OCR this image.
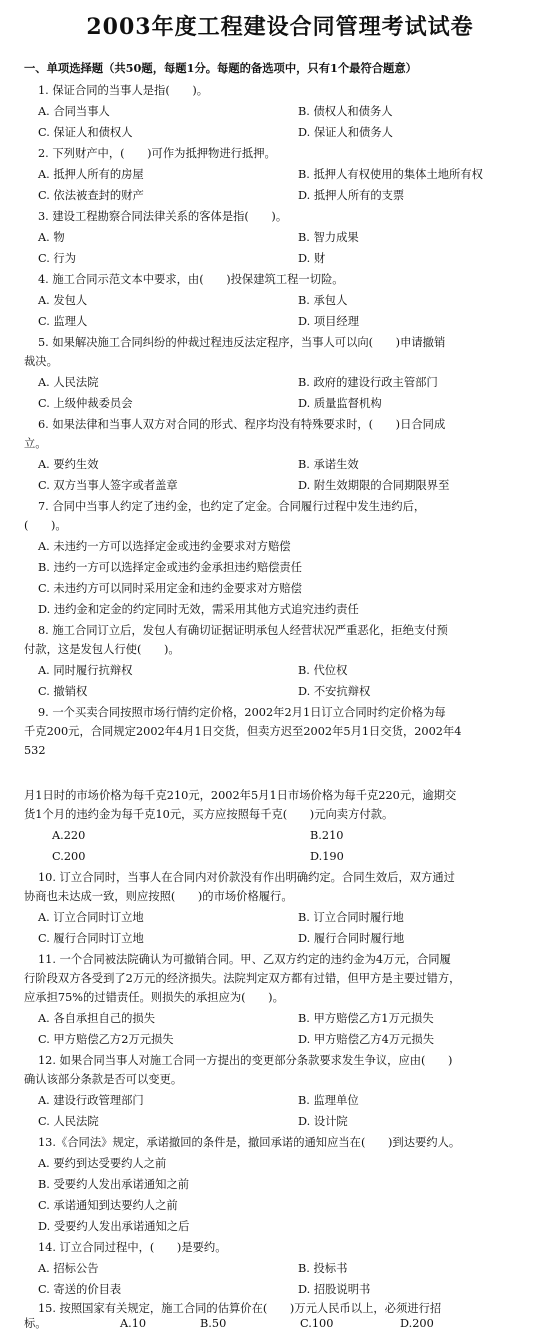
2003年度工程建设合同管理考试试卷
一、单项选择题（共50题，每题1分。每题的备选项中，只有1个最符合题意）
1. 保证合同的当事人是指(　　)。
A. 合同当事人	B. 债权人和债务人
C. 保证人和债权人	D. 保证人和债务人
2. 下列财产中，(　　)可作为抵押物进行抵押。
A. 抵押人所有的房屋	B. 抵押人有权使用的集体土地所有权
C. 依法被查封的财产	D. 抵押人所有的支票
3. 建设工程勘察合同法律关系的客体是指(　　)。
A. 物	B. 智力成果
C. 行为	D. 财
4. 施工合同示范文本中要求，由(　　)投保建筑工程一切险。
A. 发包人	B. 承包人
C. 监理人	D. 项目经理
5. 如果解决施工合同纠纷的仲裁过程违反法定程序，当事人可以向(　　)申请撤销
裁决。
A. 人民法院	B. 政府的建设行政主管部门
C. 上级仲裁委员会	D. 质量监督机构
6. 如果法律和当事人双方对合同的形式、程序均没有特殊要求时，(　　)日合同成
立。
A. 要约生效	B. 承诺生效
C. 双方当事人签字或者盖章	D. 附生效期限的合同期限界至
7. 合同中当事人约定了违约金，也约定了定金。合同履行过程中发生违约后，
(　　)。
A. 未违约一方可以选择定金或违约金要求对方赔偿
B. 违约一方可以选择定金或违约金承担违约赔偿责任
C. 未违约方可以同时采用定金和违约金要求对方赔偿
D. 违约金和定金的约定同时无效，需采用其他方式追究违约责任
8. 施工合同订立后，发包人有确切证据证明承包人经营状况严重恶化，拒绝支付预
付款，这是发包人行使(　　)。
A. 同时履行抗辩权	B. 代位权
C. 撤销权	D. 不安抗辩权
9. 一个买卖合同按照市场行情约定价格，2002年2月1日订立合同时约定价格为每
千克200元，合同规定2002年4月1日交货，但卖方迟至2002年5月1日交货，2002年4
532
月1日时的市场价格为每千克210元，2002年5月1日市场价格为每千克220元，逾期交
货1个月的违约金为每千克10元，买方应按照每千克(　　)元向卖方付款。
A.220	B.210
C.200	D.190
10. 订立合同时，当事人在合同内对价款没有作出明确约定。合同生效后，双方通过
协商也未达成一致，则应按照(　　)的市场价格履行。
A. 订立合同时订立地	B. 订立合同时履行地
C. 履行合同时订立地	D. 履行合同时履行地
11. 一个合同被法院确认为可撤销合同。甲、乙双方约定的违约金为4万元，合同履
行阶段双方各受到了2万元的经济损失。法院判定双方都有过错，但甲方是主要过错方，
应承担75%的过错责任。则损失的承担应为(　　)。
A. 各自承担自己的损失	B. 甲方赔偿乙方1万元损失
C. 甲方赔偿乙方2万元损失	D. 甲方赔偿乙方4万元损失
12. 如果合同当事人对施工合同一方提出的变更部分条款要求发生争议，应由(　　)
确认该部分条款是否可以变更。
A. 建设行政管理部门	B. 监理单位
C. 人民法院	D. 设计院
13.《合同法》规定，承诺撤回的条件是，撤回承诺的通知应当在(　　)到达要约人。
A. 要约到达受要约人之前
B. 受要约人发出承诺通知之前
C. 承诺通知到达要约人之前
D. 受要约人发出承诺通知之后
14. 订立合同过程中，(　　)是要约。
A. 招标公告	B. 投标书
C. 寄送的价目表	D. 招股说明书
15. 按照国家有关规定，施工合同的估算价在(　　)万元人民币以上，必须进行招
标。	A.10	B.50	C.100	D.200
